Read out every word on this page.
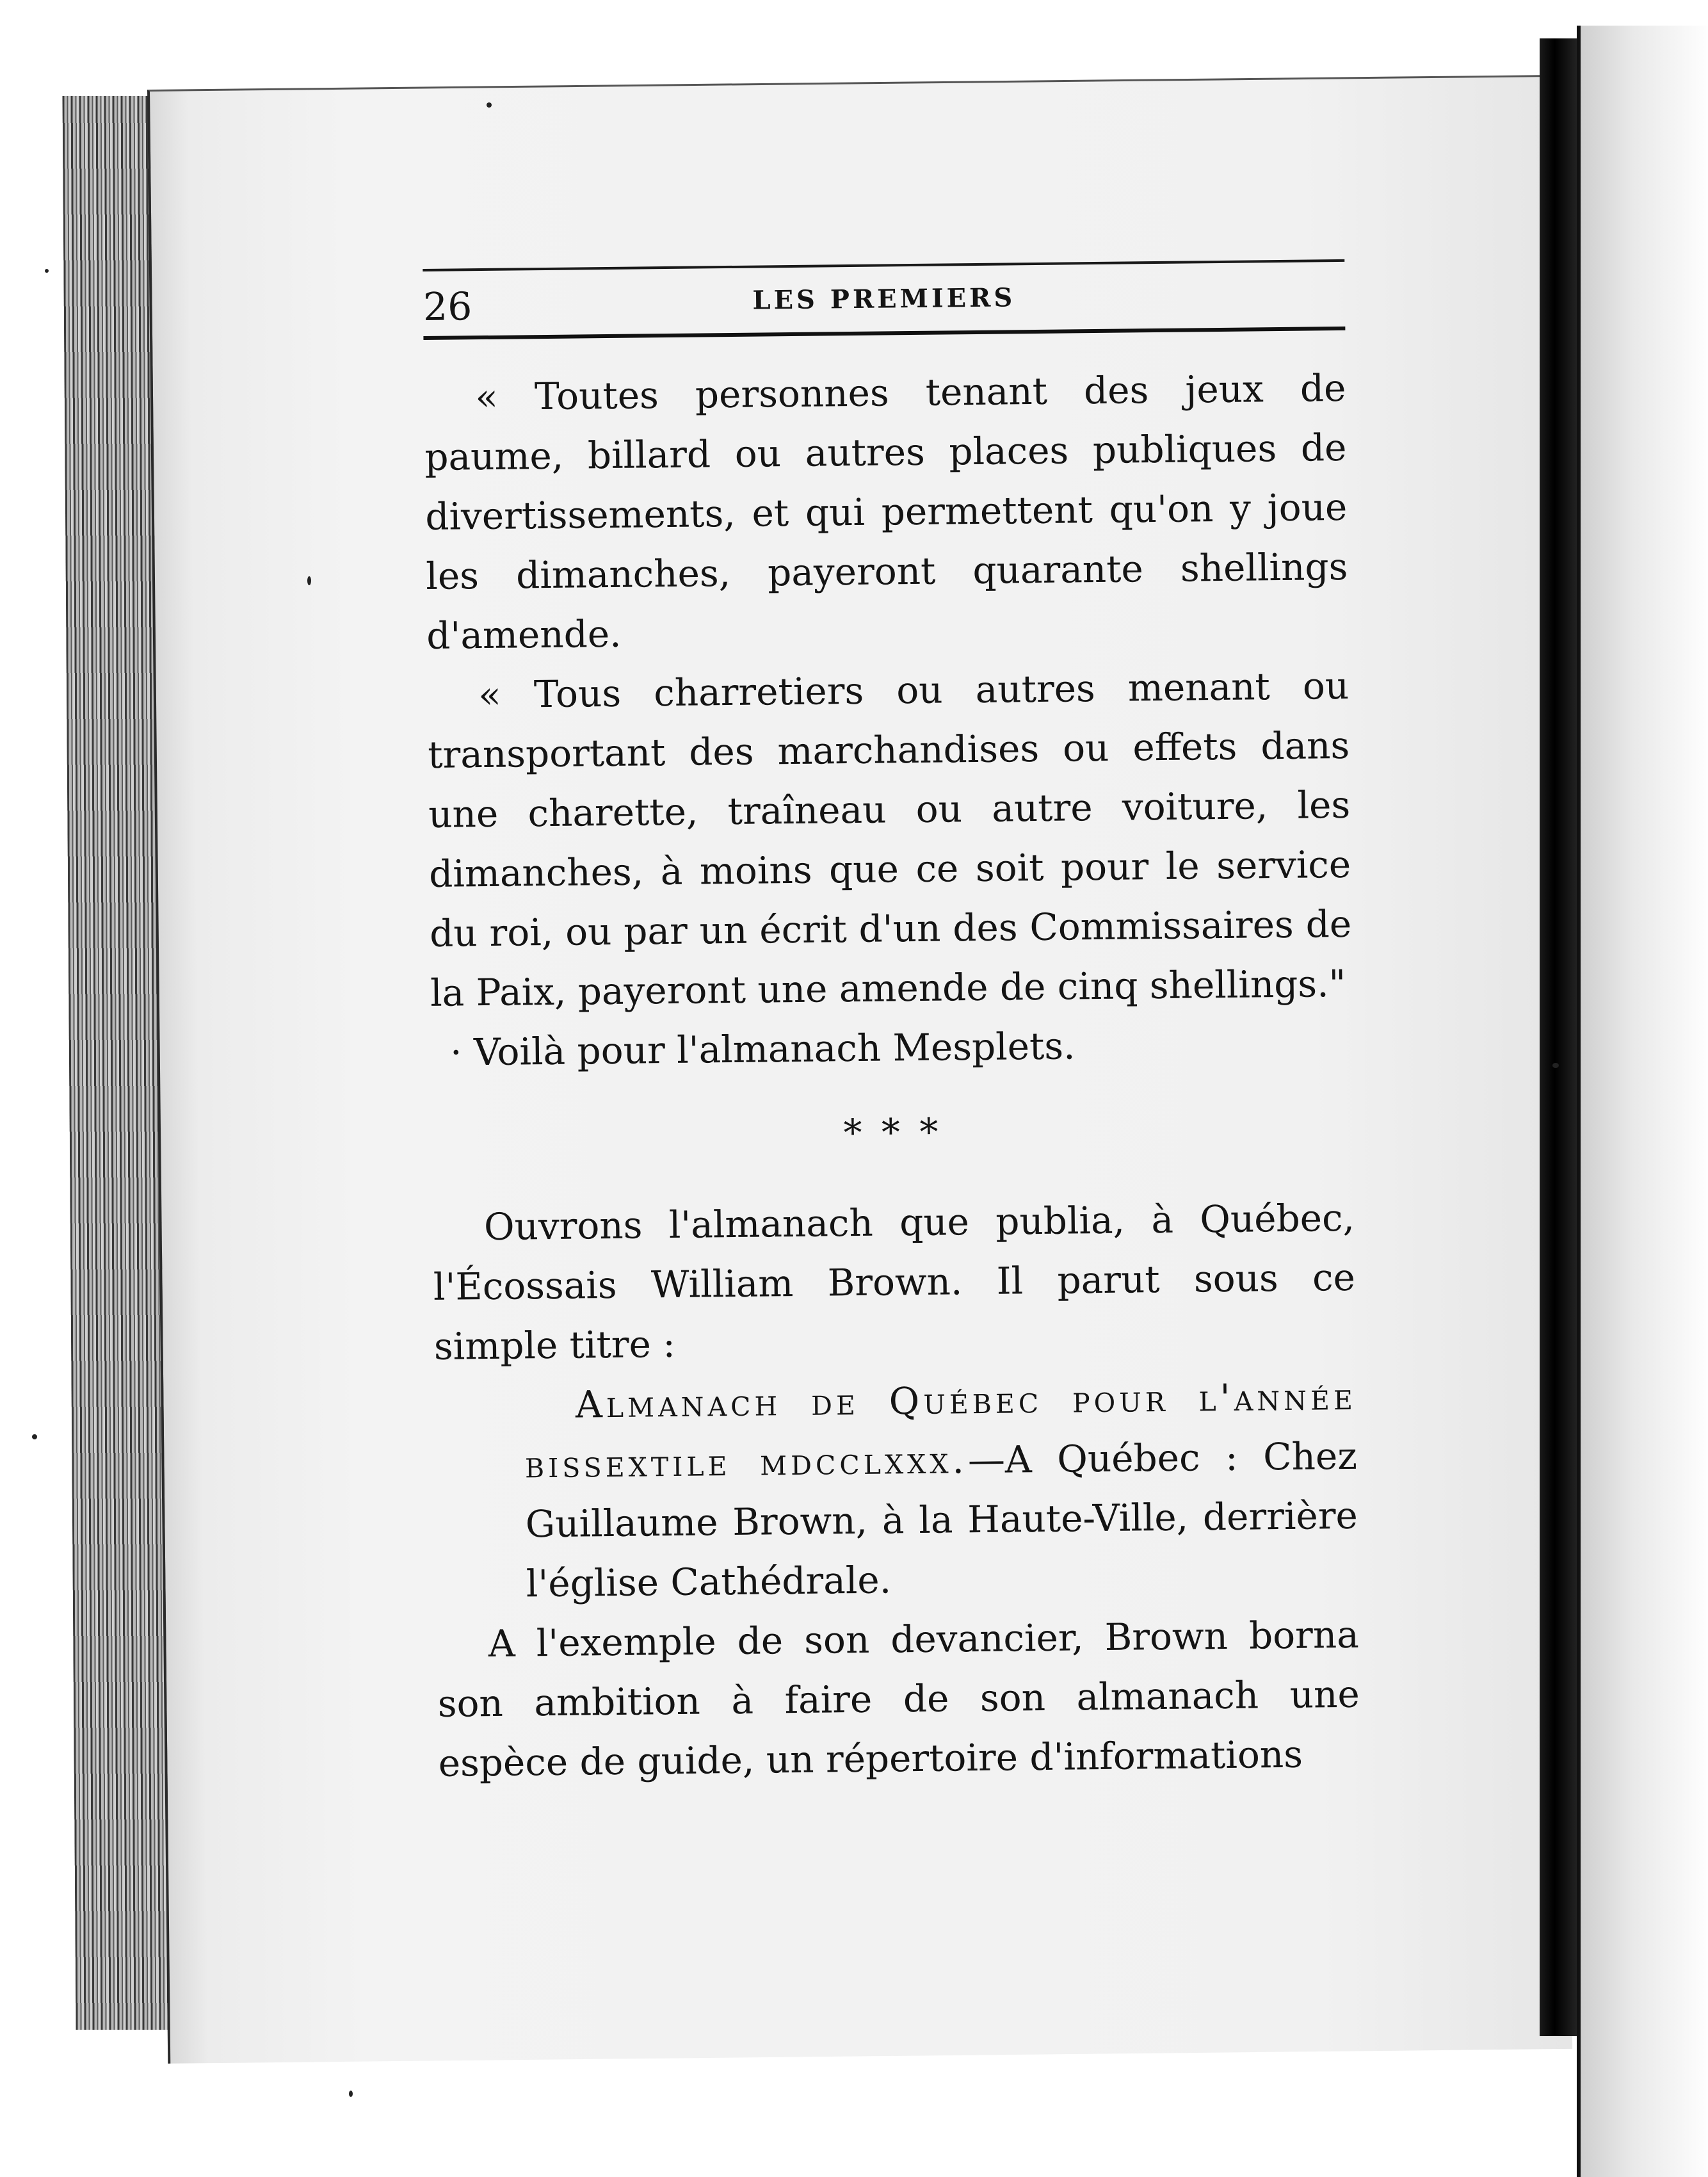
26	LES PREMIERS

« Toutes personnes tenant des jeux de paume, billard ou autres places publiques de divertissements, et qui permettent qu'on y joue les dimanches, payeront quarante shellings d'amende.

« Tous charretiers ou autres menant ou transportant des marchandises ou effets dans une charette, traîneau ou autre voiture, les dimanches, à moins que ce soit pour le service du roi, ou par un écrit d'un des Commissaires de la Paix, payeront une amende de cinq shellings."

· Voilà pour l'almanach Mesplets.

* * *

Ouvrons l'almanach que publia, à Québec, l'Écossais William Brown. Il parut sous ce simple titre :

Almanach de Québec pour l'année bissextile mdcclxxx.—A Québec : Chez Guillaume Brown, à la Haute-Ville, derrière l'église Cathédrale.

A l'exemple de son devancier, Brown borna son ambition à faire de son almanach une espèce de guide, un répertoire d'informations
